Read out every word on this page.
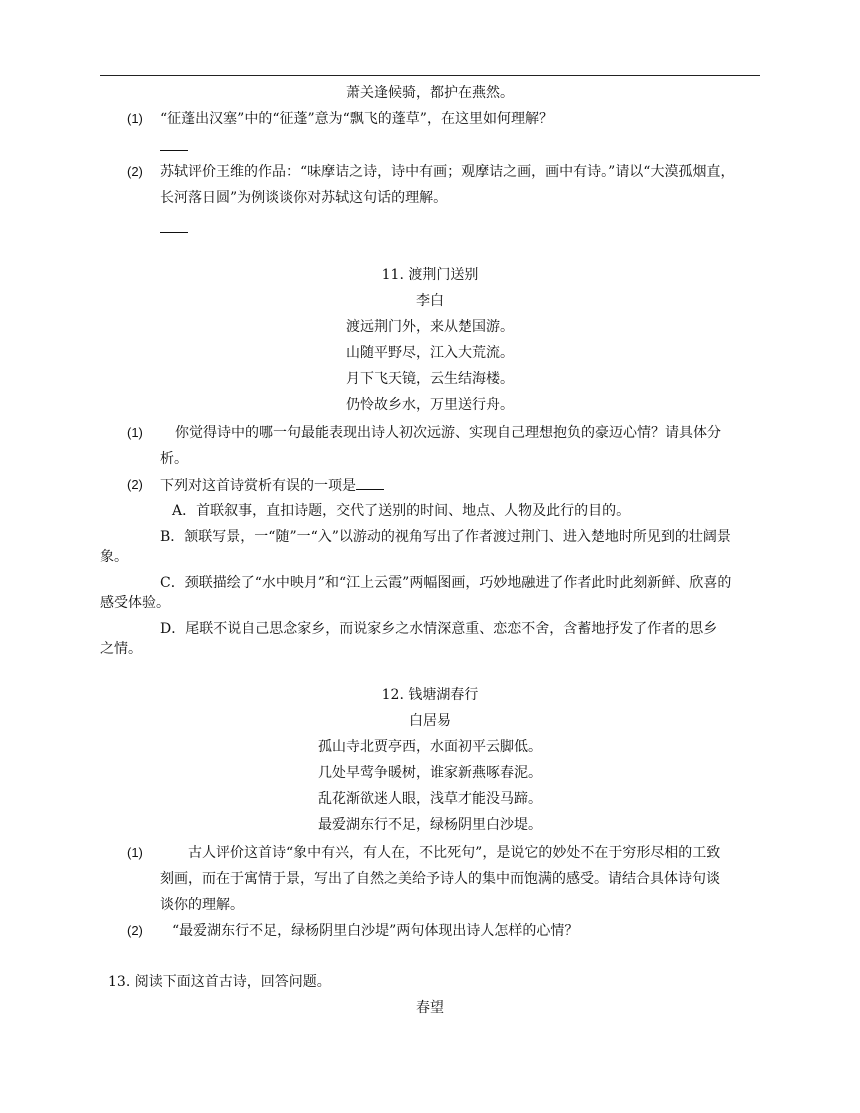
萧关逢候骑，都护在燕然。
(1) “征蓬出汉塞”中的“征蓬”意为“飘飞的蓬草”，在这里如何理解？
(2) 苏轼评价王维的作品：“味摩诘之诗，诗中有画；观摩诘之画，画中有诗。”请以“大漠孤烟直，
长河落日圆”为例谈谈你对苏轼这句话的理解。
11. 渡荆门送别
李白
渡远荆门外，来从楚国游。
山随平野尽，江入大荒流。
月下飞天镜，云生结海楼。
仍怜故乡水，万里送行舟。
(1) 你觉得诗中的哪一句最能表现出诗人初次远游、实现自己理想抱负的豪迈心情？请具体分
析。
(2) 下列对这首诗赏析有误的一项是
A．首联叙事，直扣诗题，交代了送别的时间、地点、人物及此行的目的。
B．颔联写景，一“随”一“入”以游动的视角写出了作者渡过荆门、进入楚地时所见到的壮阔景
象。
C．颈联描绘了“水中映月”和“江上云霞”两幅图画，巧妙地融进了作者此时此刻新鲜、欣喜的
感受体验。
D．尾联不说自己思念家乡，而说家乡之水情深意重、恋恋不舍，含蓄地抒发了作者的思乡
之情。
12. 钱塘湖春行
白居易
孤山寺北贾亭西，水面初平云脚低。
几处早莺争暖树，谁家新燕啄春泥。
乱花渐欲迷人眼，浅草才能没马蹄。
最爱湖东行不足，绿杨阴里白沙堤。
(1)	古人评价这首诗“象中有兴，有人在，不比死句”，是说它的妙处不在于穷形尽相的工致
刻画，而在于寓情于景，写出了自然之美给予诗人的集中而饱满的感受。请结合具体诗句谈
谈你的理解。
(2) “最爱湖东行不足，绿杨阴里白沙堤”两句体现出诗人怎样的心情？
13. 阅读下面这首古诗，回答问题。
春望
